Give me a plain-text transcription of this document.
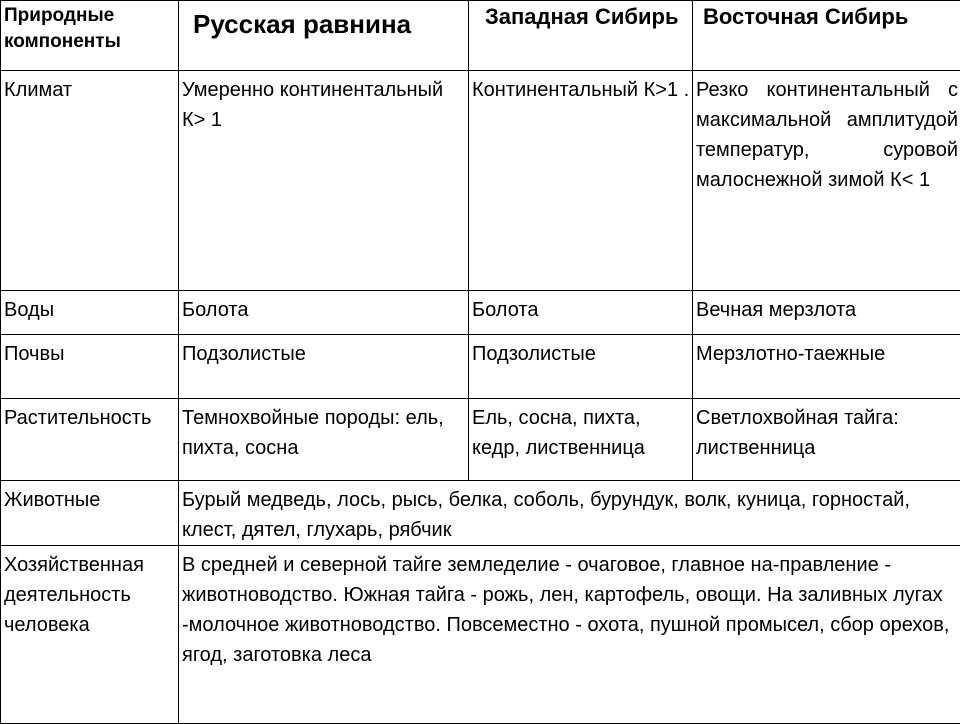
Природные компоненты	Русская равнина	Западная Сибирь	Восточная Сибирь
Климат	Умеренно континентальный К> 1	Континентальный К>1 .	Резко континентальный с максимальной амплитудой температур, суровой малоснежной зимой К< 1
Воды	Болота	Болота	Вечная мерзлота
Почвы	Подзолистые	Подзолистые	Мерзлотно-таежные
Растительность	Темнохвойные породы: ель, пихта, сосна	Ель, сосна, пихта, кедр, лиственница	Светлохвойная тайга: лиственница
Животные	Бурый медведь, лось, рысь, белка, соболь, бурундук, волк, куница, горностай, клест, дятел, глухарь, рябчик		
Хозяйственная деятельность человека	В средней и северной тайге земледелие - очаговое, главное на-правление - животноводство. Южная тайга - рожь, лен, картофель, овощи. На заливных лугах -молочное животноводство. Повсеместно - охота, пушной промысел, сбор орехов, ягод, заготовка леса		
